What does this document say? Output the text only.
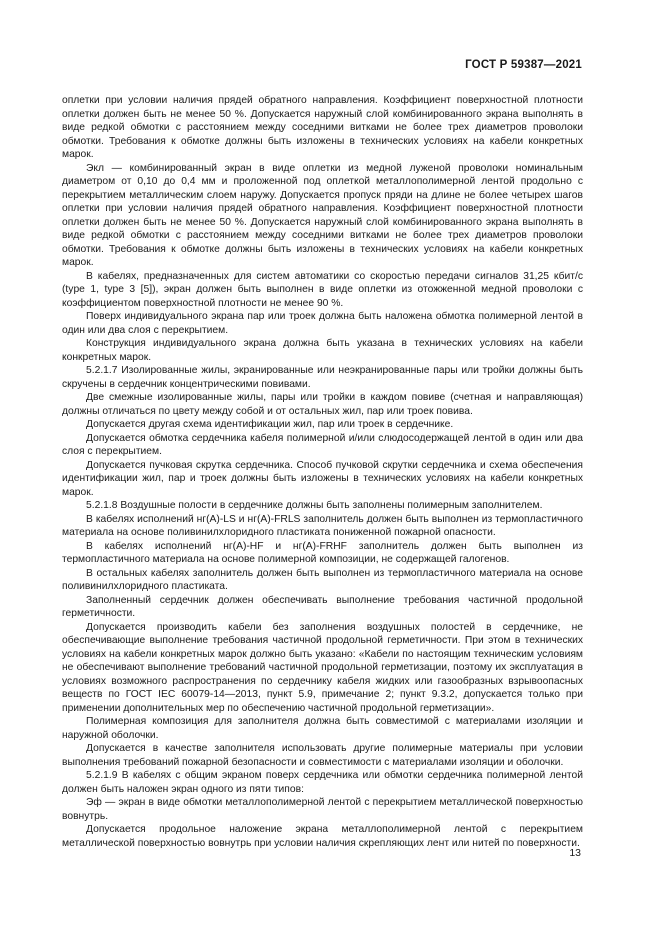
ГОСТ Р 59387—2021

оплетки при условии наличия прядей обратного направления. Коэффициент поверхностной плотности оплетки должен быть не менее 50 %. Допускается наружный слой комбинированного экрана выполнять в виде редкой обмотки с расстоянием между соседними витками не более трех диаметров проволоки обмотки. Требования к обмотке должны быть изложены в технических условиях на кабели конкретных марок.

Экл — комбинированный экран в виде оплетки из медной луженой проволоки номинальным диаметром от 0,10 до 0,4 мм и проложенной под оплеткой металлополимерной лентой продольно с перекрытием металлическим слоем наружу. Допускается пропуск пряди на длине не более четырех шагов оплетки при условии наличия прядей обратного направления. Коэффициент поверхностной плотности оплетки должен быть не менее 50 %. Допускается наружный слой комбинированного экрана выполнять в виде редкой обмотки с расстоянием между соседними витками не более трех диаметров проволоки обмотки. Требования к обмотке должны быть изложены в технических условиях на кабели конкретных марок.

В кабелях, предназначенных для систем автоматики со скоростью передачи сигналов 31,25 кбит/с (type 1, type 3 [5]), экран должен быть выполнен в виде оплетки из отожженной медной проволоки с коэффициентом поверхностной плотности не менее 90 %.

Поверх индивидуального экрана пар или троек должна быть наложена обмотка полимерной лентой в один или два слоя с перекрытием.

Конструкция индивидуального экрана должна быть указана в технических условиях на кабели конкретных марок.

5.2.1.7 Изолированные жилы, экранированные или неэкранированные пары или тройки должны быть скручены в сердечник концентрическими повивами.

Две смежные изолированные жилы, пары или тройки в каждом повиве (счетная и направляющая) должны отличаться по цвету между собой и от остальных жил, пар или троек повива.

Допускается другая схема идентификации жил, пар или троек в сердечнике.

Допускается обмотка сердечника кабеля полимерной и/или слюдосодержащей лентой в один или два слоя с перекрытием.

Допускается пучковая скрутка сердечника. Способ пучковой скрутки сердечника и схема обеспечения идентификации жил, пар и троек должны быть изложены в технических условиях на кабели конкретных марок.

5.2.1.8 Воздушные полости в сердечнике должны быть заполнены полимерным заполнителем.

В кабелях исполнений нг(А)-LS и нг(А)-FRLS заполнитель должен быть выполнен из термопластичного материала на основе поливинилхлоридного пластиката пониженной пожарной опасности.

В кабелях исполнений нг(А)-HF и нг(А)-FRHF заполнитель должен быть выполнен из термопластичного материала на основе полимерной композиции, не содержащей галогенов.

В остальных кабелях заполнитель должен быть выполнен из термопластичного материала на основе поливинилхлоридного пластиката.

Заполненный сердечник должен обеспечивать выполнение требования частичной продольной герметичности.

Допускается производить кабели без заполнения воздушных полостей в сердечнике, не обеспечивающие выполнение требования частичной продольной герметичности. При этом в технических условиях на кабели конкретных марок должно быть указано: «Кабели по настоящим техническим условиям не обеспечивают выполнение требований частичной продольной герметизации, поэтому их эксплуатация в условиях возможного распространения по сердечнику кабеля жидких или газообразных взрывоопасных веществ по ГОСТ IEC 60079-14—2013, пункт 5.9, примечание 2; пункт 9.3.2, допускается только при применении дополнительных мер по обеспечению частичной продольной герметизации».

Полимерная композиция для заполнителя должна быть совместимой с материалами изоляции и наружной оболочки.

Допускается в качестве заполнителя использовать другие полимерные материалы при условии выполнения требований пожарной безопасности и совместимости с материалами изоляции и оболочки.

5.2.1.9 В кабелях с общим экраном поверх сердечника или обмотки сердечника полимерной лентой должен быть наложен экран одного из пяти типов:

Эф — экран в виде обмотки металлополимерной лентой с перекрытием металлической поверхностью вовнутрь.

Допускается продольное наложение экрана металлополимерной лентой с перекрытием металлической поверхностью вовнутрь при условии наличия скрепляющих лент или нитей по поверхности.

13
